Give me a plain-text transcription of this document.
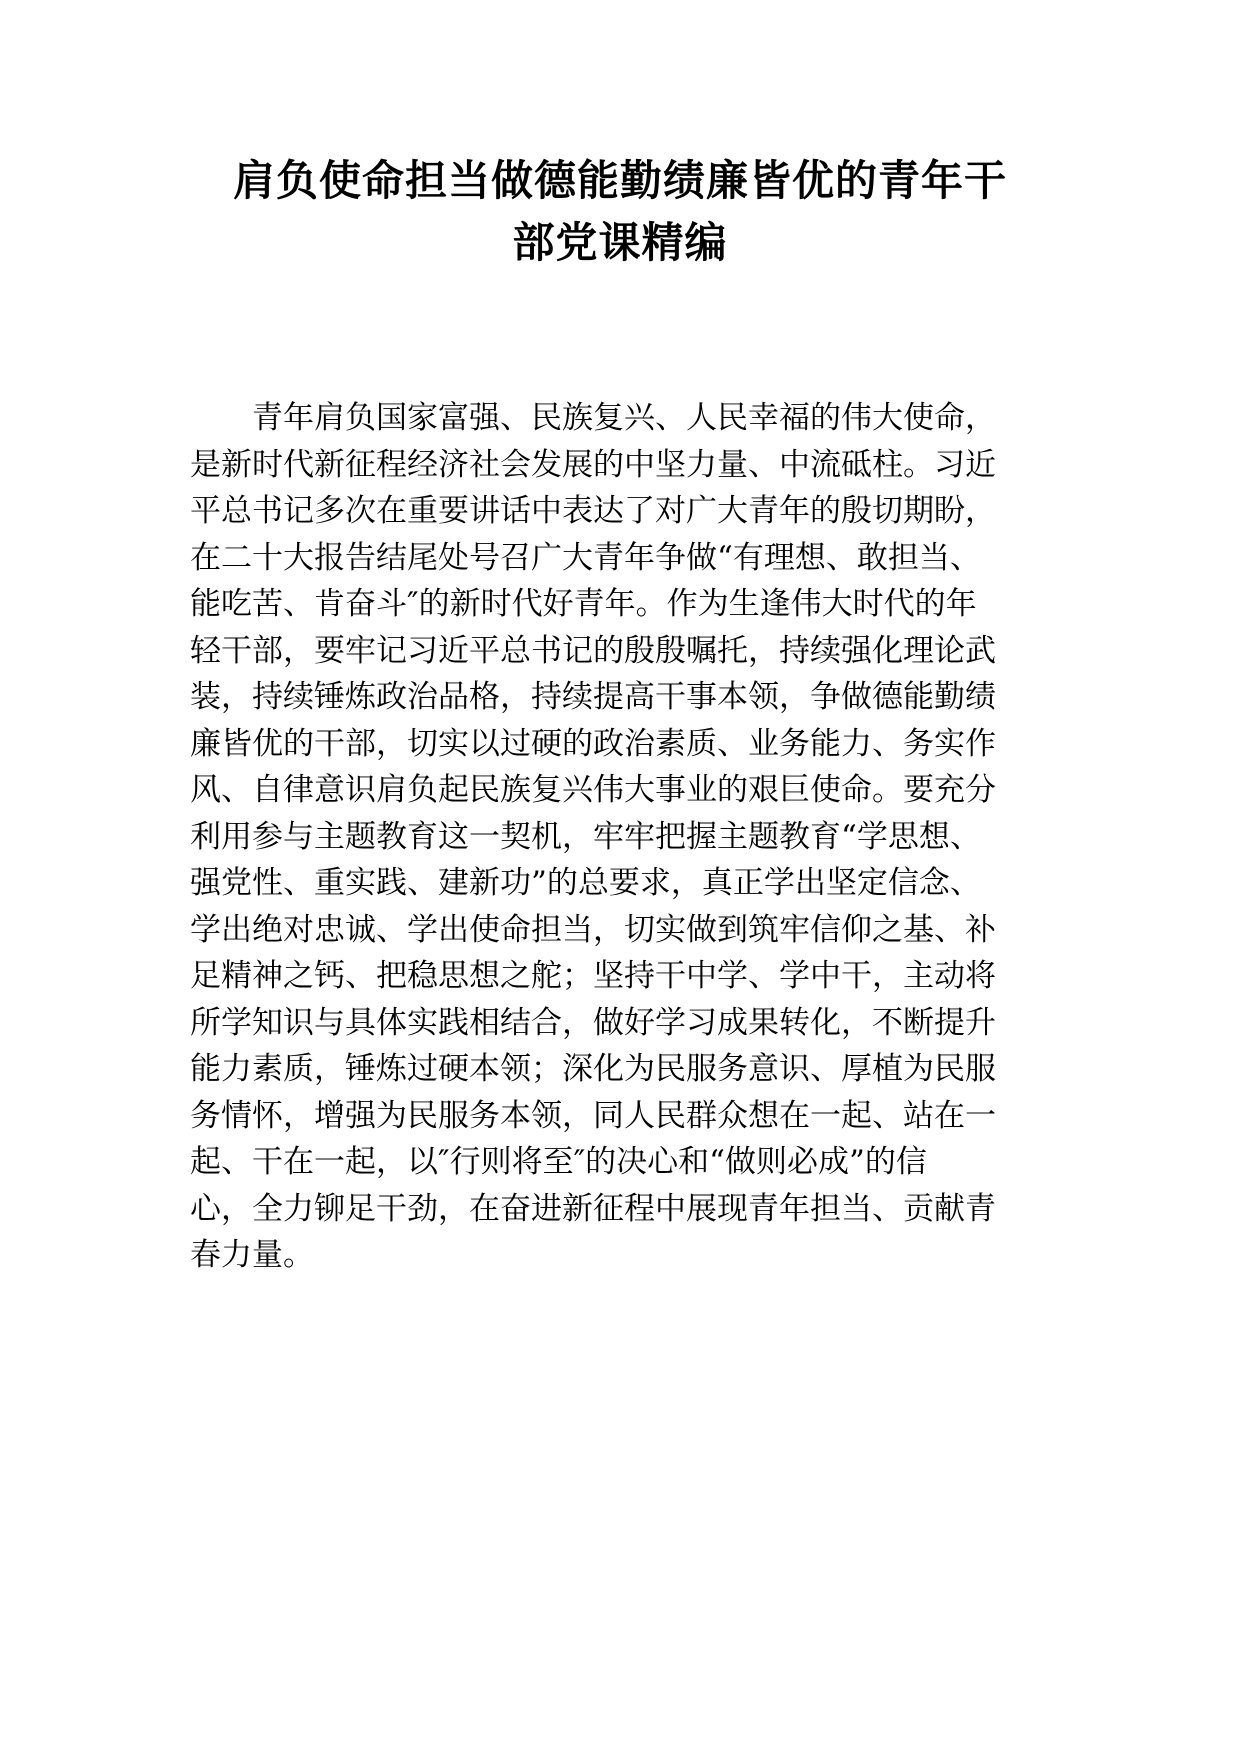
肩负使命担当做德能勤绩廉皆优的青年干
部党课精编
青年肩负国家富强、民族复兴、人民幸福的伟大使命，
是新时代新征程经济社会发展的中坚力量、中流砥柱。习近
平总书记多次在重要讲话中表达了对广大青年的殷切期盼，
在二十大报告结尾处号召广大青年争做“有理想、敢担当、
能吃苦、肯奋斗″的新时代好青年。作为生逢伟大时代的年
轻干部，要牢记习近平总书记的殷殷嘱托，持续强化理论武
装，持续锤炼政治品格，持续提高干事本领，争做德能勤绩
廉皆优的干部，切实以过硬的政治素质、业务能力、务实作
风、自律意识肩负起民族复兴伟大事业的艰巨使命。要充分
利用参与主题教育这一契机，牢牢把握主题教育“学思想、
强党性、重实践、建新功”的总要求，真正学出坚定信念、
学出绝对忠诚、学出使命担当，切实做到筑牢信仰之基、补
足精神之钙、把稳思想之舵；坚持干中学、学中干，主动将
所学知识与具体实践相结合，做好学习成果转化，不断提升
能力素质，锤炼过硬本领；深化为民服务意识、厚植为民服
务情怀，增强为民服务本领，同人民群众想在一起、站在一
起、干在一起，以″行则将至″的决心和“做则必成”的信
心，全力铆足干劲，在奋进新征程中展现青年担当、贡献青
春力量。
